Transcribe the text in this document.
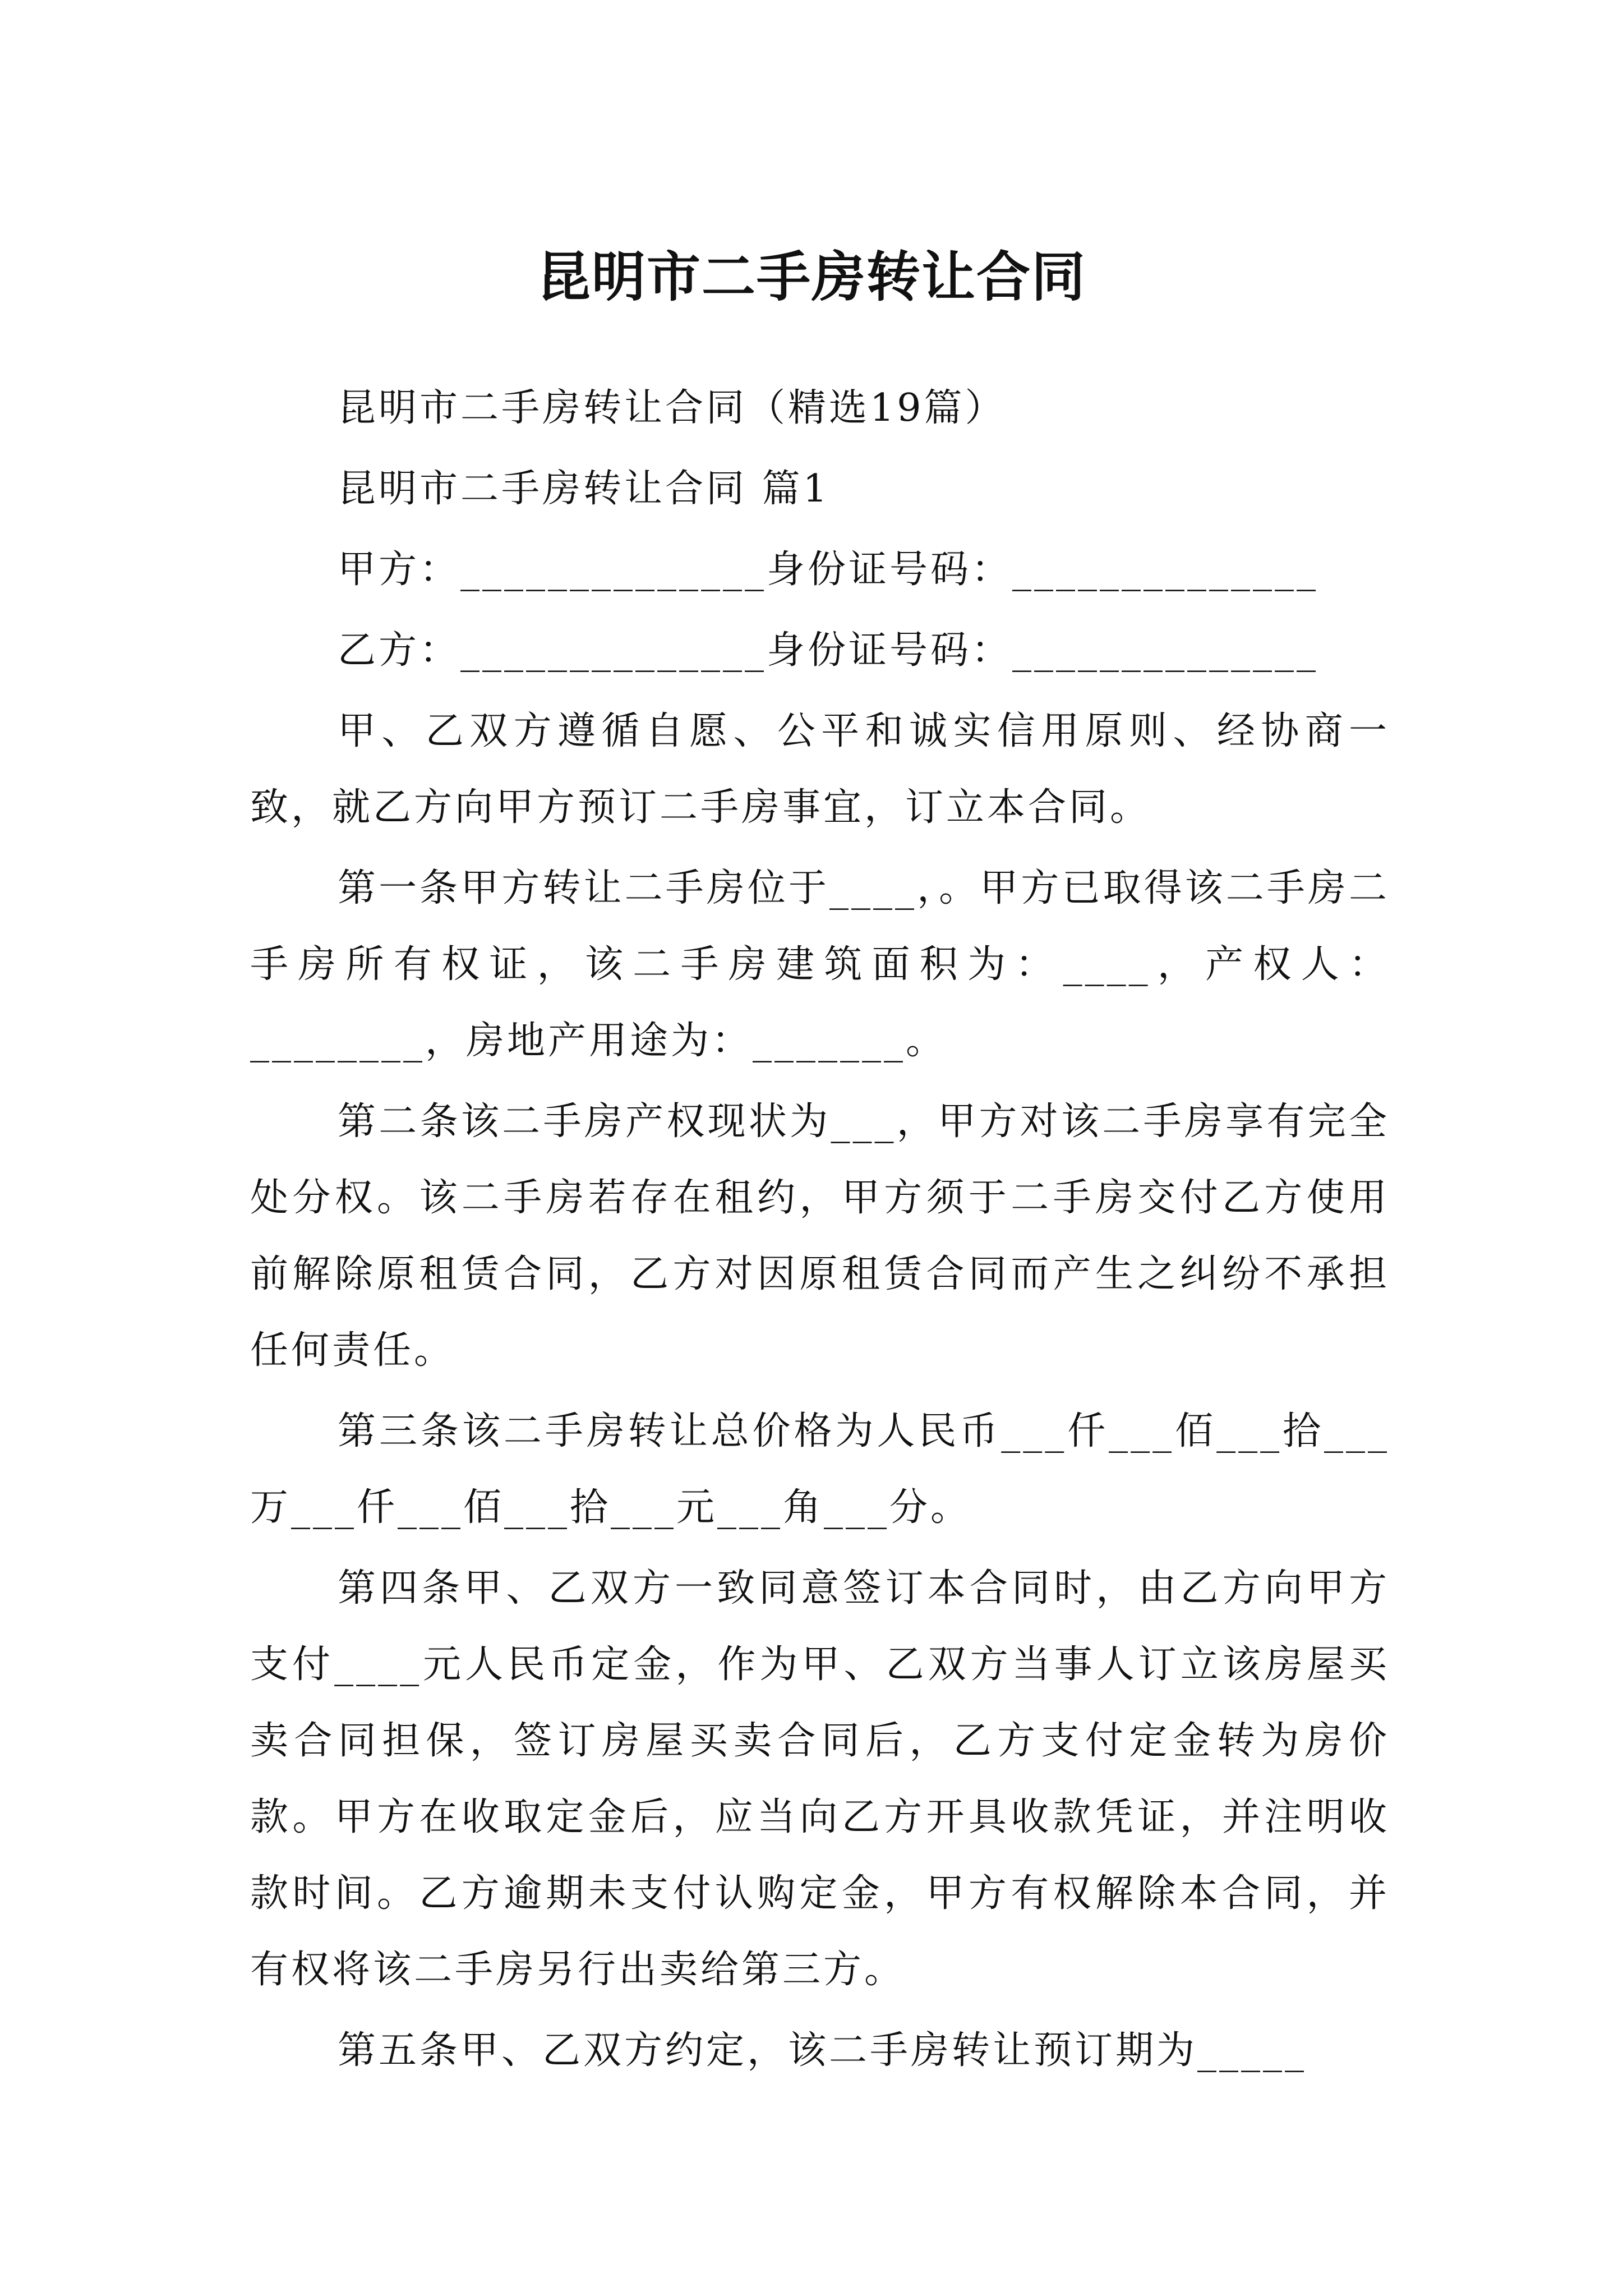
昆明市二手房转让合同

昆明市二手房转让合同（精选19篇）

昆明市二手房转让合同 篇1

甲方：______________身份证号码：______________

乙方：______________身份证号码：______________

甲、乙双方遵循自愿、公平和诚实信用原则、经协商一致，就乙方向甲方预订二手房事宜，订立本合同。

第一条甲方转让二手房位于____，。甲方已取得该二手房二手房所有权证，该二手房建筑面积为：____，产权人：________，房地产用途为：_______。

第二条该二手房产权现状为___，甲方对该二手房享有完全处分权。该二手房若存在租约，甲方须于二手房交付乙方使用前解除原租赁合同，乙方对因原租赁合同而产生之纠纷不承担任何责任。

第三条该二手房转让总价格为人民币___仟___佰___拾___万___仟___佰___拾___元___角___分。

第四条甲、乙双方一致同意签订本合同时，由乙方向甲方支付____元人民币定金，作为甲、乙双方当事人订立该房屋买卖合同担保，签订房屋买卖合同后，乙方支付定金转为房价款。甲方在收取定金后，应当向乙方开具收款凭证，并注明收款时间。乙方逾期未支付认购定金，甲方有权解除本合同，并有权将该二手房另行出卖给第三方。

第五条甲、乙双方约定，该二手房转让预订期为_____
